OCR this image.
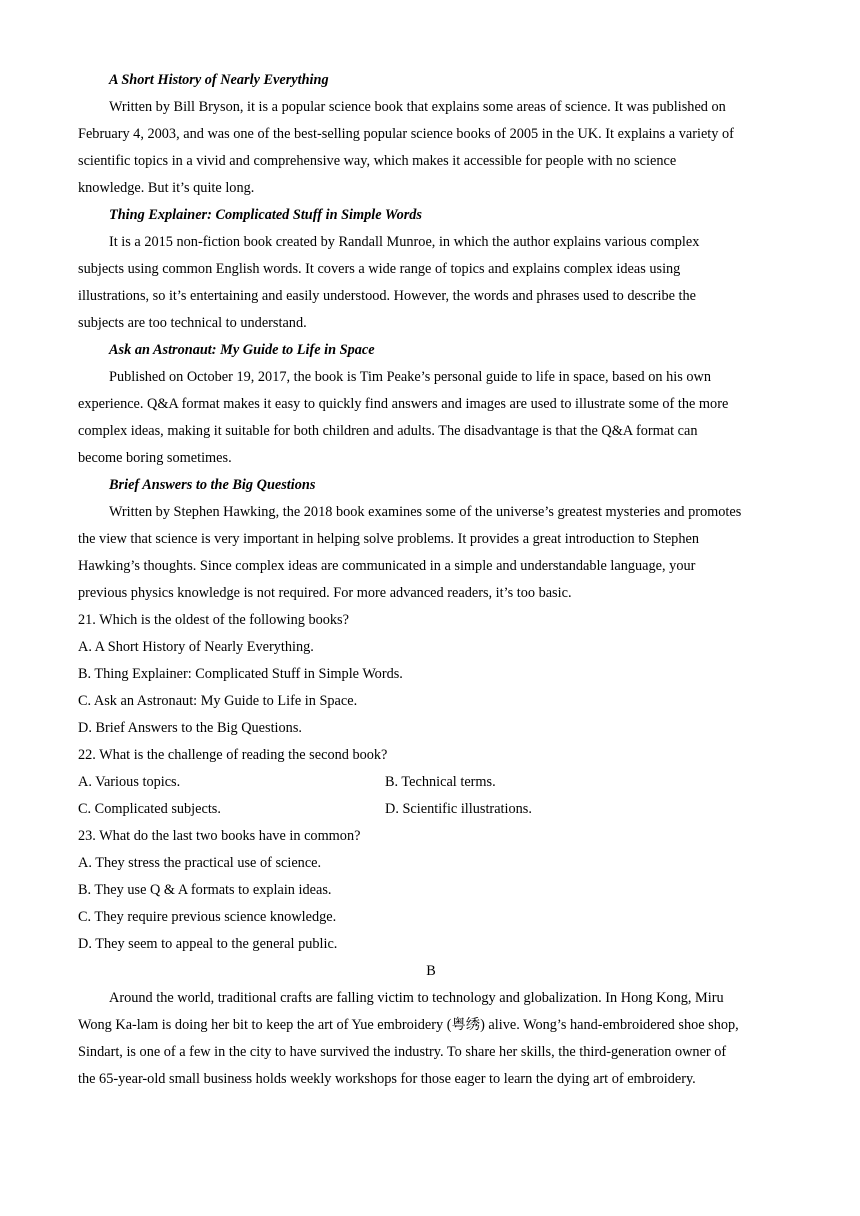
A Short History of Nearly Everything
Written by Bill Bryson, it is a popular science book that explains some areas of science. It was published on
February 4, 2003, and was one of the best-selling popular science books of 2005 in the UK. It explains a variety of
scientific topics in a vivid and comprehensive way, which makes it accessible for people with no science
knowledge. But it’s quite long.
Thing Explainer: Complicated Stuff in Simple Words
It is a 2015 non-fiction book created by Randall Munroe, in which the author explains various complex
subjects using common English words. It covers a wide range of topics and explains complex ideas using
illustrations, so it’s entertaining and easily understood. However, the words and phrases used to describe the
subjects are too technical to understand.
Ask an Astronaut: My Guide to Life in Space
Published on October 19, 2017, the book is Tim Peake’s personal guide to life in space, based on his own
experience. Q&A format makes it easy to quickly find answers and images are used to illustrate some of the more
complex ideas, making it suitable for both children and adults. The disadvantage is that the Q&A format can
become boring sometimes.
Brief Answers to the Big Questions
Written by Stephen Hawking, the 2018 book examines some of the universe’s greatest mysteries and promotes
the view that science is very important in helping solve problems. It provides a great introduction to Stephen
Hawking’s thoughts. Since complex ideas are communicated in a simple and understandable language, your
previous physics knowledge is not required. For more advanced readers, it’s too basic.
21. Which is the oldest of the following books?
A. A Short History of Nearly Everything.
B. Thing Explainer: Complicated Stuff in Simple Words.
C. Ask an Astronaut: My Guide to Life in Space.
D. Brief Answers to the Big Questions.
22. What is the challenge of reading the second book?
A. Various topics.	B. Technical terms.
C. Complicated subjects.	D. Scientific illustrations.
23. What do the last two books have in common?
A. They stress the practical use of science.
B. They use Q & A formats to explain ideas.
C. They require previous science knowledge.
D. They seem to appeal to the general public.
B
Around the world, traditional crafts are falling victim to technology and globalization. In Hong Kong, Miru
Wong Ka-lam is doing her bit to keep the art of Yue embroidery (粤绣) alive. Wong’s hand-embroidered shoe shop,
Sindart, is one of a few in the city to have survived the industry. To share her skills, the third-generation owner of
the 65-year-old small business holds weekly workshops for those eager to learn the dying art of embroidery.
